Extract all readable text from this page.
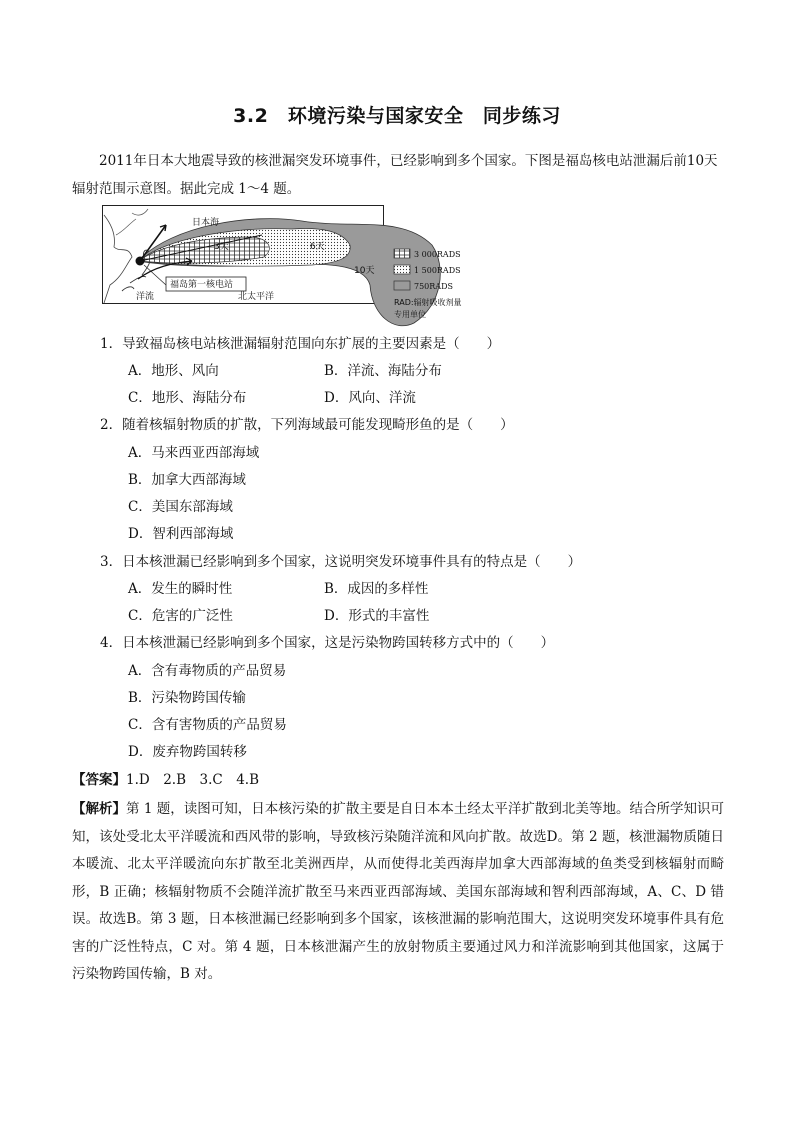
3.2　环境污染与国家安全　同步练习
2011年日本大地震导致的核泄漏突发环境事件，已经影响到多个国家。下图是福岛核电站泄漏后前10天辐射范围示意图。据此完成 1～4 题。
日本海
3天	6天
10天
福岛第一核电站
洋流	北太平洋
3 000RADS
1 500RADS
750RADS
RAD:辐射吸收剂量
专用单位
1．导致福岛核电站核泄漏辐射范围向东扩展的主要因素是（　　）
A．地形、风向	B．洋流、海陆分布
C．地形、海陆分布	D．风向、洋流
2．随着核辐射物质的扩散，下列海域最可能发现畸形鱼的是（　　）
A．马来西亚西部海域
B．加拿大西部海域
C．美国东部海域
D．智利西部海域
3．日本核泄漏已经影响到多个国家，这说明突发环境事件具有的特点是（　　）
A．发生的瞬时性	B．成因的多样性
C．危害的广泛性	D．形式的丰富性
4．日本核泄漏已经影响到多个国家，这是污染物跨国转移方式中的（　　）
A．含有毒物质的产品贸易
B．污染物跨国传输
C．含有害物质的产品贸易
D．废弃物跨国转移
【答案】1.D　2.B　3.C　4.B
【解析】第 1 题，读图可知，日本核污染的扩散主要是自日本本土经太平洋扩散到北美等地。结合所学知识可知，该处受北太平洋暖流和西风带的影响，导致核污染随洋流和风向扩散。故选D。第 2 题，核泄漏物质随日本暖流、北太平洋暖流向东扩散至北美洲西岸，从而使得北美西海岸加拿大西部海域的鱼类受到核辐射而畸形，B 正确；核辐射物质不会随洋流扩散至马来西亚西部海域、美国东部海域和智利西部海域，A、C、D 错误。故选B。第 3 题，日本核泄漏已经影响到多个国家，该核泄漏的影响范围大，这说明突发环境事件具有危害的广泛性特点，C 对。第 4 题，日本核泄漏产生的放射物质主要通过风力和洋流影响到其他国家，这属于污染物跨国传输，B 对。
